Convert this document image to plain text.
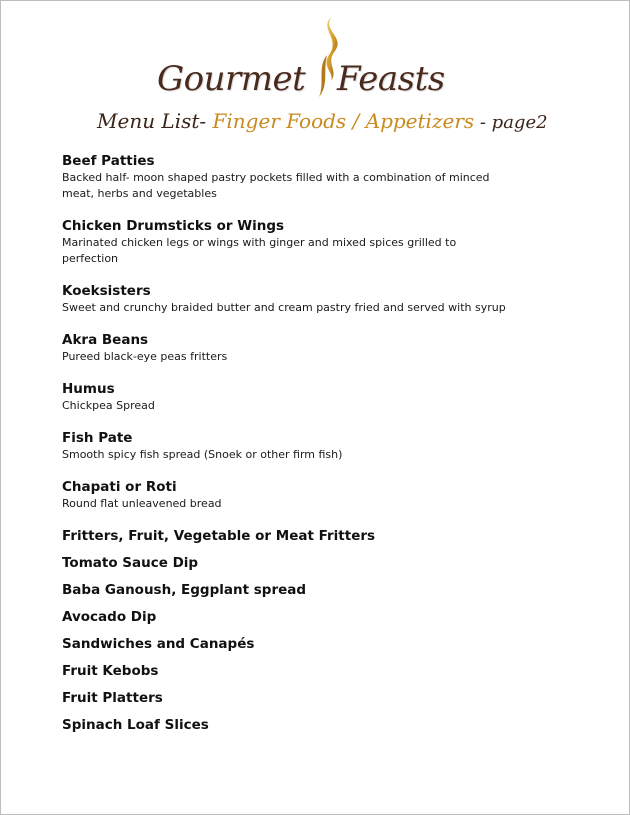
Gourmet Feasts
Menu List- Finger Foods / Appetizers - page2
Beef Patties
Backed half- moon shaped pastry pockets filled with a combination of minced meat, herbs and vegetables
Chicken Drumsticks or Wings
Marinated chicken legs or wings with ginger and mixed spices grilled to perfection
Koeksisters
Sweet and crunchy braided butter and cream pastry fried and served with syrup
Akra Beans
Pureed black-eye peas fritters
Humus
Chickpea Spread
Fish Pate
Smooth spicy fish spread (Snoek or other firm fish)
Chapati or Roti
Round flat unleavened bread
Fritters, Fruit, Vegetable or Meat Fritters
Tomato Sauce Dip
Baba Ganoush, Eggplant spread
Avocado Dip
Sandwiches and Canapés
Fruit Kebobs
Fruit Platters
Spinach Loaf Slices
